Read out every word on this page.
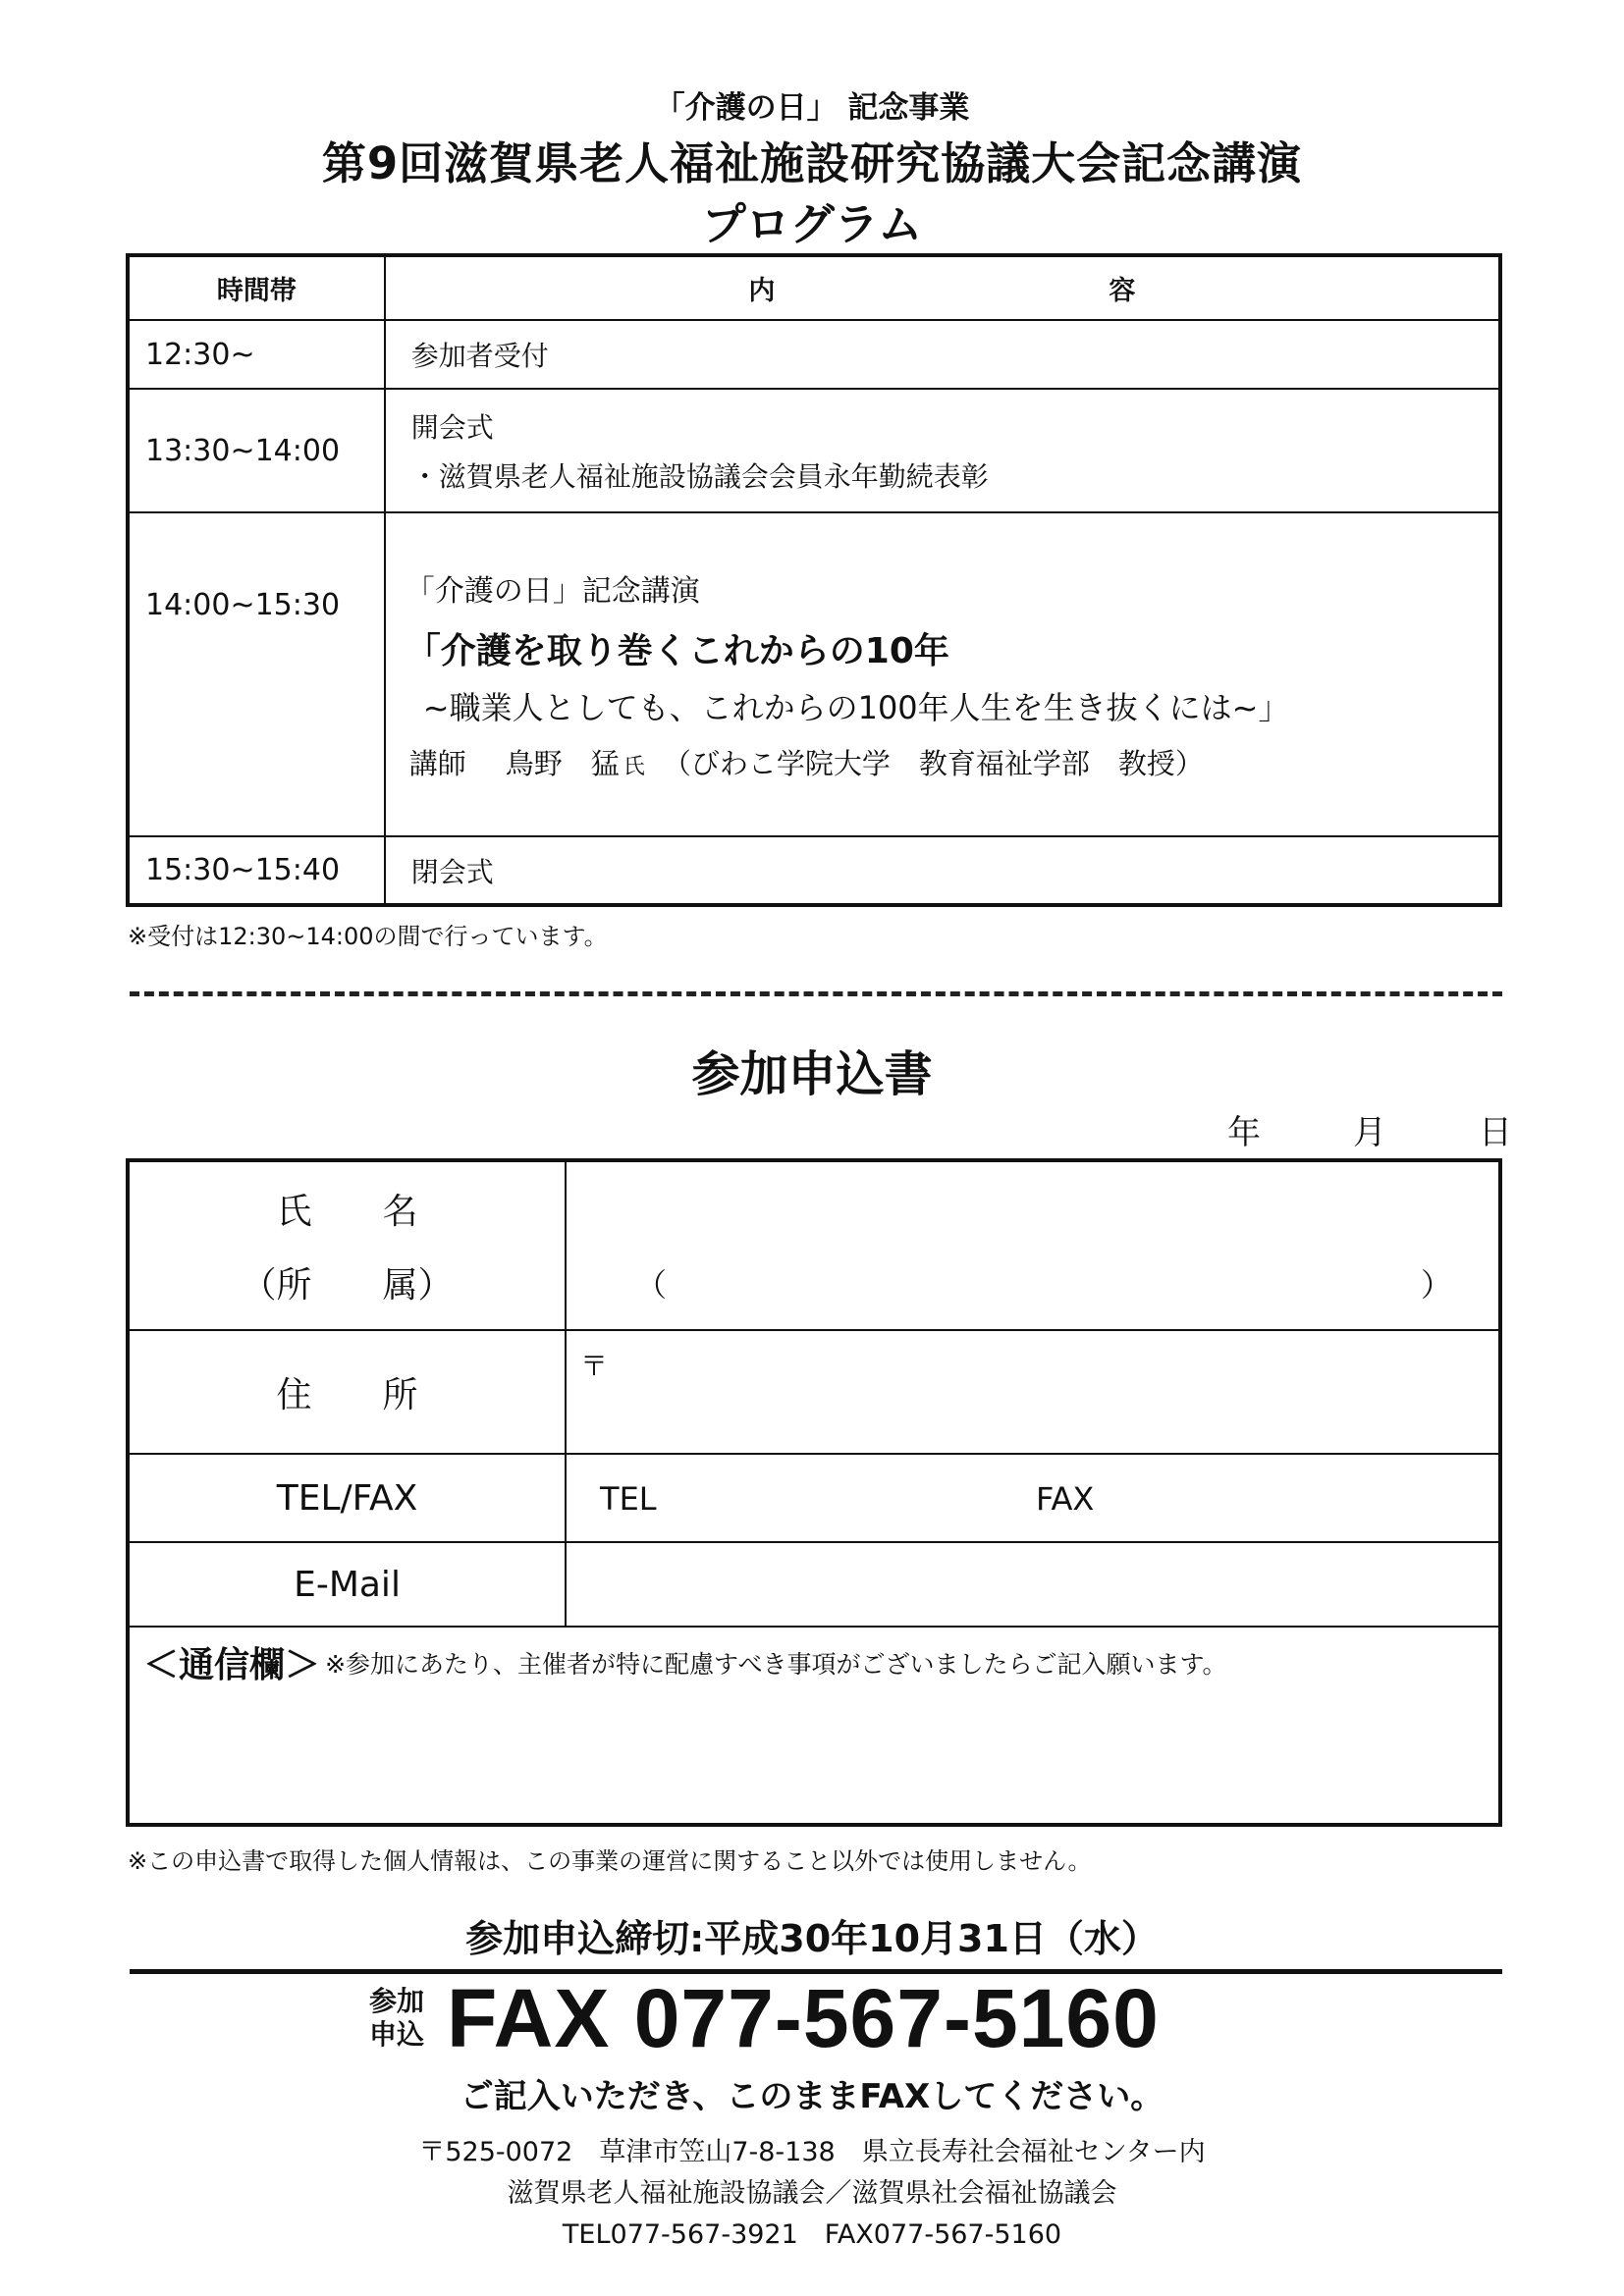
「介護の日」 記念事業
第9回滋賀県老人福祉施設研究協議大会記念講演
プログラム
時間帯	内 容
12:30~	参加者受付

13:30~14:00	開会式
・滋賀県老人福祉施設協議会会員永年勤続表彰

14:00~15:30	「介護の日」記念講演
「介護を取り巻くこれからの10年
~職業人としても、これからの100年人生を生き抜くには~」
講師 鳥野　猛 氏 （びわこ学院大学　教育福祉学部　教授）

15:30~15:40	閉会式
※受付は12:30~14:00の間で行っています。
参加申込書
年	月	日
氏　　名
（所　　属）	（ ）

住　　所	〒

TEL/FAX	TEL FAX

E-Mail	
＜通信欄＞ ※参加にあたり、主催者が特に配慮すべき事項がございましたらご記入願います。	
※この申込書で取得した個人情報は、この事業の運営に関すること以外では使用しません。
参加申込締切:平成30年10月31日（水）
参加
申込 FAX 077-567-5160
ご記入いただき、このままFAXしてください。
〒525-0072　草津市笠山7-8-138　県立長寿社会福祉センター内
滋賀県老人福祉施設協議会／滋賀県社会福祉協議会
TEL077-567-3921　FAX077-567-5160
